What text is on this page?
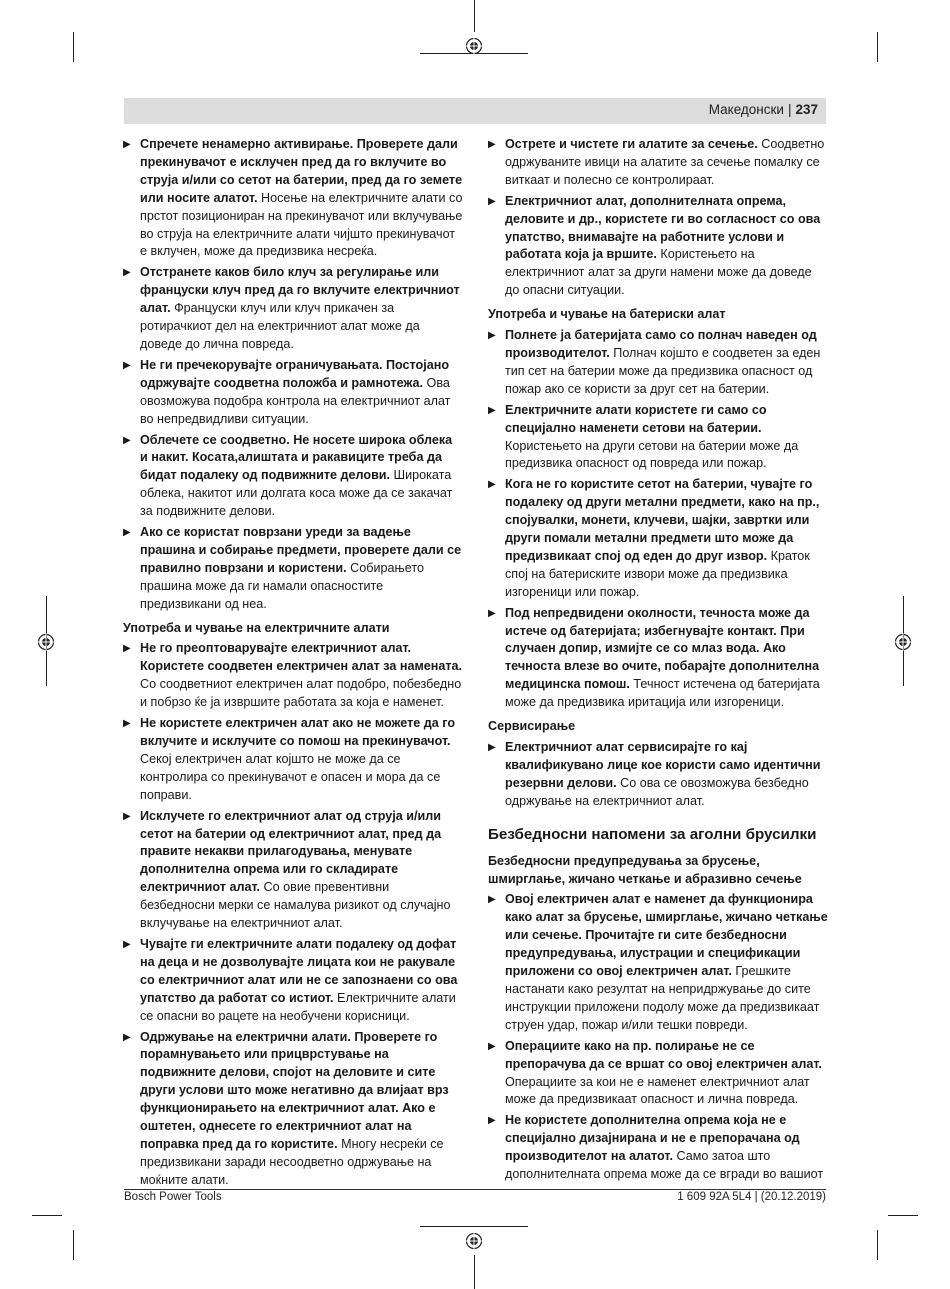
Македонски | 237
▶ Спречете ненамерно активирање. Проверете дали прекинувачот е исклучен пред да го вклучите во струја и/или со сетот на батерии, пред да го земете или носите алатот. Носење на електричните алати со прстот позициониран на прекинувачот или вклучување во струја на електричните алати чијшто прекинувачот е вклучен, може да предизвика несреќа.
▶ Отстранете каков било клуч за регулирање или француски клуч пред да го вклучите електричниот алат. Француски клуч или клуч прикачен за ротирачкиот дел на електричниот алат може да доведе до лична повреда.
▶ Не ги пречекорувајте ограничувањата. Постојано одржувајте соодветна положба и рамнотежа. Ова овозможува подобра контрола на електричниот алат во непредвидливи ситуации.
▶ Облечете се соодветно. Не носете широка облека и накит. Косата,алиштата и ракавиците треба да бидат подалеку од подвижните делови. Широката облека, накитот или долгата коса може да се закачат за подвижните делови.
▶ Ако се користат поврзани уреди за вадење прашина и собирање предмети, проверете дали се правилно поврзани и користени. Собирањето прашина може да ги намали опасностите предизвикани од неа.
Употреба и чување на електричните алати
▶ Не го преоптоварувајте електричниот алат. Користете соодветен електричен алат за намената. Со соодветниот електричен алат подобро, побезбедно и побрзо ќе ја извршите работата за која е наменет.
▶ Не користете електричен алат ако не можете да го вклучите и исклучите со помош на прекинувачот. Секој електричен алат којшто не може да се контролира со прекинувачот е опасен и мора да се поправи.
▶ Исклучете го електричниот алат од струја и/или сетот на батерии од електричниот алат, пред да правите некакви прилагодувања, менувате дополнителна опрема или го складирате електричниот алат. Со овие превентивни безбедносни мерки се намалува ризикот од случајно вклучување на електричниот алат.
▶ Чувајте ги електричните алати подалеку од дофат на деца и не дозволувајте лицата кои не ракувале со електричниот алат или не се запознаени со ова упатство да работат со истиот. Електричните алати се опасни во рацете на необучени корисници.
▶ Одржување на електрични алати. Проверете го порамнувањето или прицврстување на подвижните делови, спојот на деловите и сите други услови што може негативно да влијаат врз функционирањето на електричниот алат. Ако е оштетен, однесете го електричниот алат на поправка пред да го користите. Многу несреќи се предизвикани заради несоодветно одржување на моќните алати.
▶ Острете и чистете ги алатите за сечење. Соодветно одржуваните ивици на алатите за сечење помалку се виткаат и полесно се контролираат.
▶ Електричниот алат, дополнителната опрема, деловите и др., користете ги во согласност со ова упатство, внимавајте на работните услови и работата која ја вршите. Користењето на електричниот алат за други намени може да доведе до опасни ситуации.
Употреба и чување на батериски алат
▶ Полнете ја батеријата само со полнач наведен од производителот. Полнач којшто е соодветен за еден тип сет на батерии може да предизвика опасност од пожар ако се користи за друг сет на батерии.
▶ Електричните алати користете ги само со специјално наменети сетови на батерии. Користењето на други сетови на батерии може да предизвика опасност од повреда или пожар.
▶ Кога не го користите сетот на батерии, чувајте го подалеку од други метални предмети, како на пр., спојувалки, монети, клучеви, шајки, завртки или други помали метални предмети што може да предизвикаат спој од еден до друг извор. Краток спој на батериските извори може да предизвика изгореници или пожар.
▶ Под непредвидени околности, течноста може да истече од батеријата; избегнувајте контакт. При случаен допир, измијте се со млаз вода. Ако течноста влезе во очите, побарајте дополнителна медицинска помош. Течност истечена од батеријата може да предизвика иритација или изгореници.
Сервисирање
▶ Електричниот алат сервисирајте го кај квалификувано лице кое користи само идентични резервни делови. Со ова се овозможува безбедно одржување на електричниот алат.
Безбедносни напомени за аголни брусилки
Безбедносни предупредувања за брусење, шмирглање, жичано четкање и абразивно сечење
▶ Овој електричен алат е наменет да функционира како алат за брусење, шмирглање, жичано четкање или сечење. Прочитајте ги сите безбедносни предупредувања, илустрации и спецификации приложени со овој електричен алат. Грешките настанати како резултат на непридржување до сите инструкции приложени подолу може да предизвикаат струен удар, пожар и/или тешки повреди.
▶ Операциите како на пр. полирање не се препорачува да се вршат со овој електричен алат. Операциите за кои не е наменет електричниот алат може да предизвикаат опасност и лична повреда.
▶ Не користете дополнителна опрема која не е специјално дизајнирана и не е препорачана од производителот на алатот. Само затоа што дополнителната опрема може да се вгради во вашиот
Bosch Power Tools	1 609 92A 5L4 | (20.12.2019)
